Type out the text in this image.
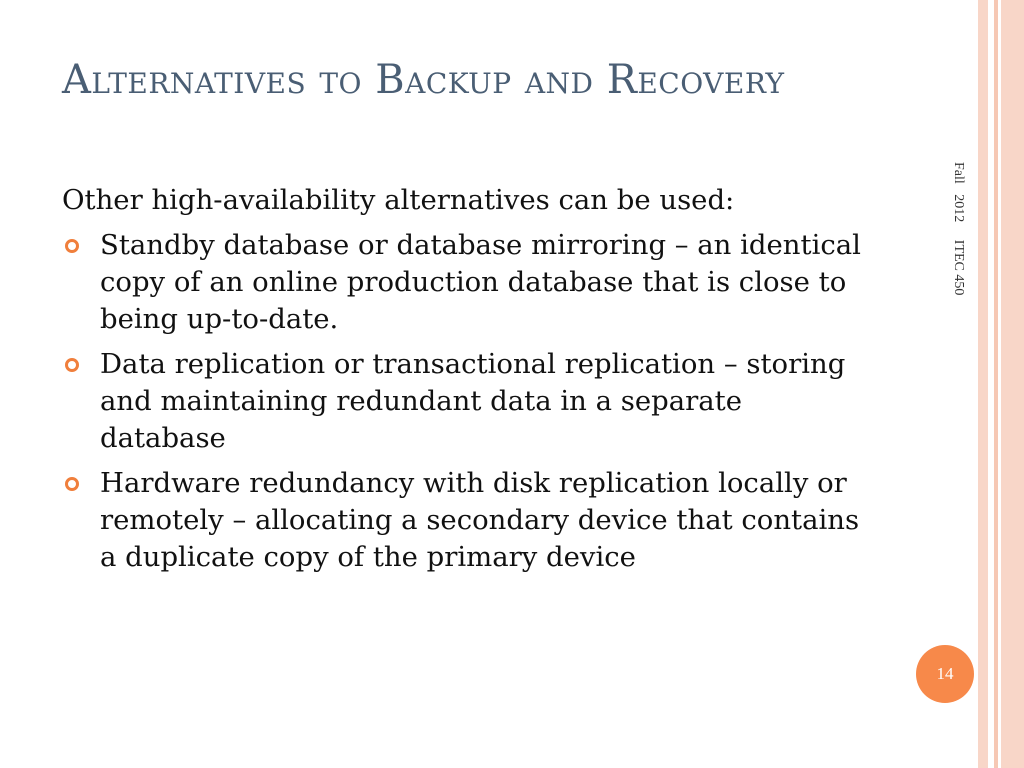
Alternatives to Backup and Recovery

Other high-availability alternatives can be used:

Standby database or database mirroring – an identical copy of an online production database that is close to being up-to-date.
Data replication or transactional replication – storing and maintaining redundant data in a separate database
Hardware redundancy with disk replication locally or remotely – allocating a secondary device that contains a duplicate copy of the primary device
Fall   2012     ITEC 450
14
